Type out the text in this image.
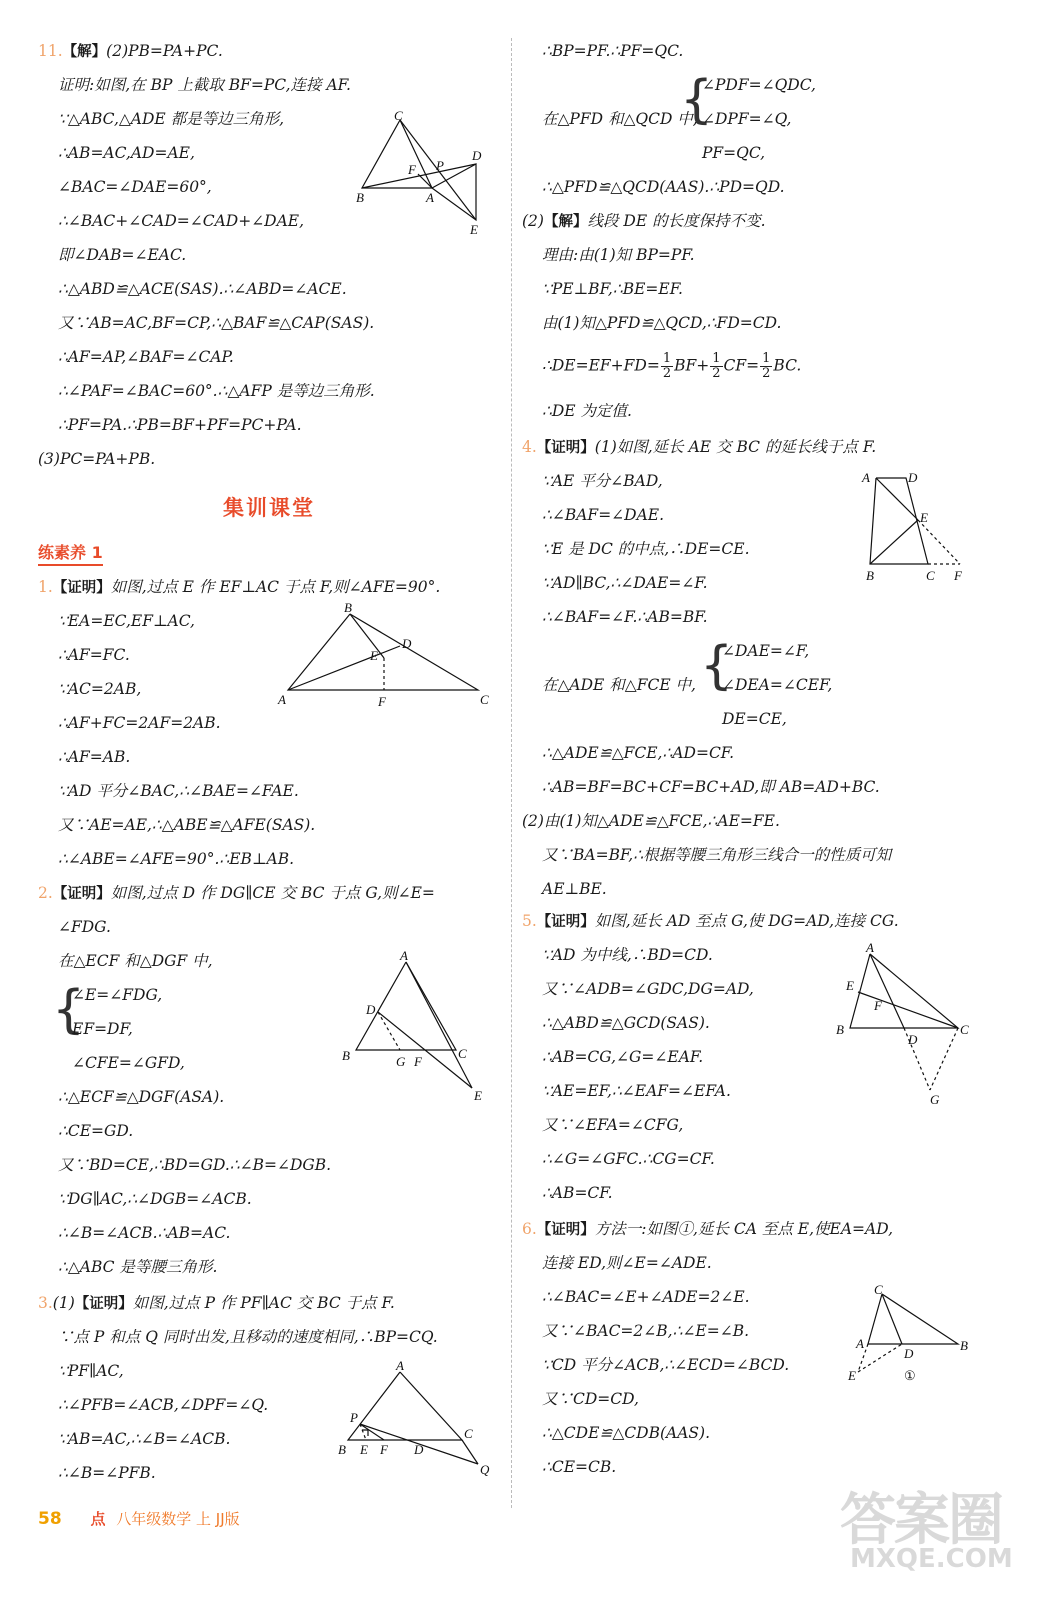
11.【解】(2)PB=PA+PC.
证明:如图,在 BP 上截取 BF=PC,连接 AF.
∵△ABC,△ADE 都是等边三角形,
∴AB=AC,AD=AE,
∠BAC=∠DAE=60°,
∴∠BAC+∠CAD=∠CAD+∠DAE,
即∠DAB=∠EAC.
∴△ABD≌△ACE(SAS).∴∠ABD=∠ACE.
又∵AB=AC,BF=CP,∴△BAF≌△CAP(SAS).
∴AF=AP,∠BAF=∠CAP.
∴∠PAF=∠BAC=60°.∴△AFP 是等边三角形.
∴PF=PA.∴PB=BF+PF=PC+PA.
(3)PC=PA+PB.
C
B	A
D
E
F P
集训课堂
练素养 1
1.【证明】如图,过点 E 作 EF⊥AC 于点 F,则∠AFE=90°.
∵EA=EC,EF⊥AC,
∴AF=FC.
∵AC=2AB,
∴AF+FC=2AF=2AB.
∴AF=AB.
∵AD 平分∠BAC,∴∠BAE=∠FAE.
又∵AE=AE,∴△ABE≌△AFE(SAS).
∴∠ABE=∠AFE=90°.∴EB⊥AB.
B
A	C
D
E
F
2.【证明】如图,过点 D 作 DG∥CE 交 BC 于点 G,则∠E=
∠FDG.
在△ECF 和△DGF 中,
{
∠E=∠FDG,
EF=DF,
∠CFE=∠GFD,
∴△ECF≌△DGF(ASA).
∴CE=GD.
又∵BD=CE,∴BD=GD.∴∠B=∠DGB.
∵DG∥AC,∴∠DGB=∠ACB.
∴∠B=∠ACB.∴AB=AC.
∴△ABC 是等腰三角形.
A
B	C
D
E
G F
3.(1)【证明】如图,过点 P 作 PF∥AC 交 BC 于点 F.
∵点 P 和点 Q 同时出发,且移动的速度相同,∴BP=CQ.
∵PF∥AC,
∴∠PFB=∠ACB,∠DPF=∠Q.
∵AB=AC,∴∠B=∠ACB.
∴∠B=∠PFB.
A
B E F D
C
Q
P
∴BP=PF.∴PF=QC.
在△PFD 和△QCD 中,
{
∠PDF=∠QDC,
∠DPF=∠Q,
PF=QC,
∴△PFD≌△QCD(AAS).∴PD=QD.
(2)【解】线段 DE 的长度保持不变.
理由:由(1)知 BP=PF.
∵PE⊥BF,∴BE=EF.
由(1)知△PFD≌△QCD,∴FD=CD.
∴DE=EF+FD= $\frac{1}{2} BF+ \frac{1}{2} CF= \frac{1}{2}$ BC.
∴DE 为定值.
4.【证明】(1)如图,延长 AE 交 BC 的延长线于点 F.
∵AE 平分∠BAD,
∴∠BAF=∠DAE.
∵E 是 DC 的中点,∴DE=CE.
∵AD∥BC,∴∠DAE=∠F.
∴∠BAF=∠F.∴AB=BF.
在△ADE 和△FCE 中, {
∠DAE=∠F,
∠DEA=∠CEF,
DE=CE,
∴△ADE≌△FCE,∴AD=CF.
∴AB=BF=BC+CF=BC+AD,即 AB=AD+BC.
(2)由(1)知△ADE≌△FCE,∴AE=FE.
又∵BA=BF,∴根据等腰三角形三线合一的性质可知
AE⊥BE.
A	D
E
B	C F
5.【证明】如图,延长 AD 至点 G,使 DG=AD,连接 CG.
∵AD 为中线,∴BD=CD.
又∵∠ADB=∠GDC,DG=AD,
∴△ABD≌△GCD(SAS).
∴AB=CG,∠G=∠EAF.
∵AE=EF,∴∠EAF=∠EFA.
又∵∠EFA=∠CFG,
∴∠G=∠GFC.∴CG=CF.
∴AB=CF.
A
E
F
B	C
D
G
6.【证明】方法一:如图①,延长 CA 至点 E,使EA=AD,
连接 ED,则∠E=∠ADE.
∴∠BAC=∠E+∠ADE=2∠E.
又∵∠BAC=2∠B,∴∠E=∠B.
∵CD 平分∠ACB,∴∠ECD=∠BCD.
又∵CD=CD,
∴△CDE≌△CDB(AAS).
∴CE=CB.
C
A
D
B
E	①
58 点 八年级数学 上 JJ版	答案圈
MXQE.COM
